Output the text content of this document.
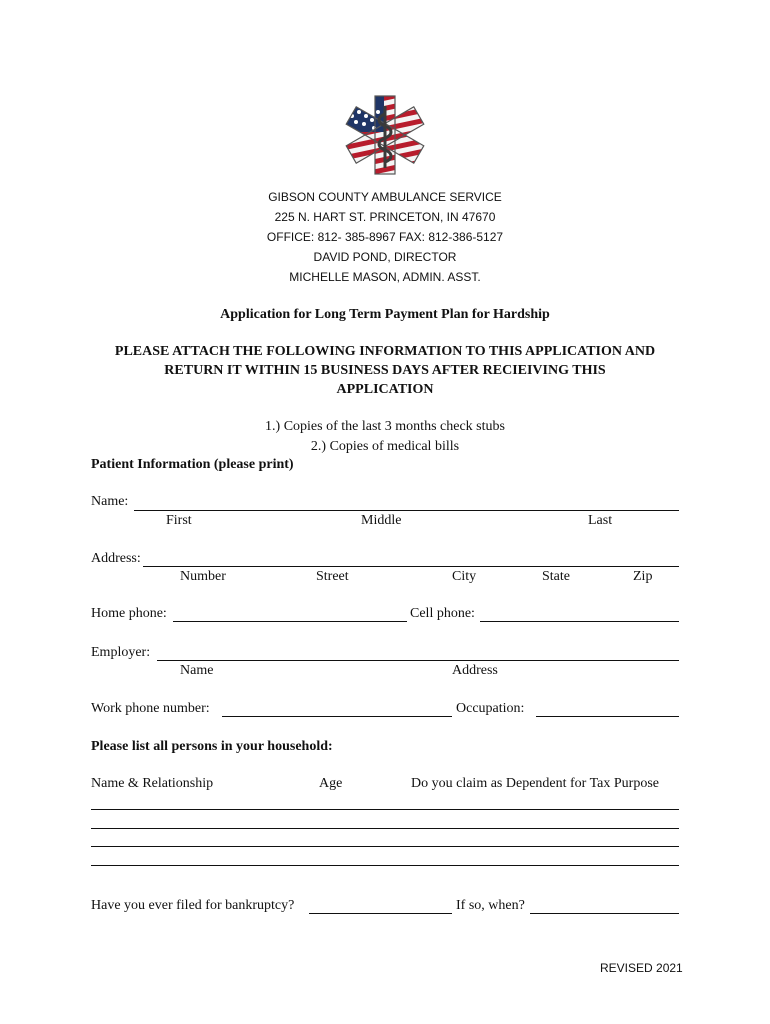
GIBSON COUNTY AMBULANCE SERVICE
225 N. HART ST. PRINCETON, IN 47670
OFFICE: 812- 385-8967 FAX: 812-386-5127
DAVID POND, DIRECTOR
MICHELLE MASON, ADMIN. ASST.
Application for Long Term Payment Plan for Hardship
PLEASE ATTACH THE FOLLOWING INFORMATION TO THIS APPLICATION AND
RETURN IT WITHIN 15 BUSINESS DAYS AFTER RECIEIVING THIS
APPLICATION
1.) Copies of the last 3 months check stubs
2.) Copies of medical bills
Patient Information (please print)
Name:
First	Middle	Last
Address:
Number	Street	City	State	Zip
Home phone:	Cell phone:
Employer:
Name	Address
Work phone number:	Occupation:
Please list all persons in your household:
Name & Relationship	Age	Do you claim as Dependent for Tax Purpose
Have you ever filed for bankruptcy?	If so, when?
REVISED 2021
